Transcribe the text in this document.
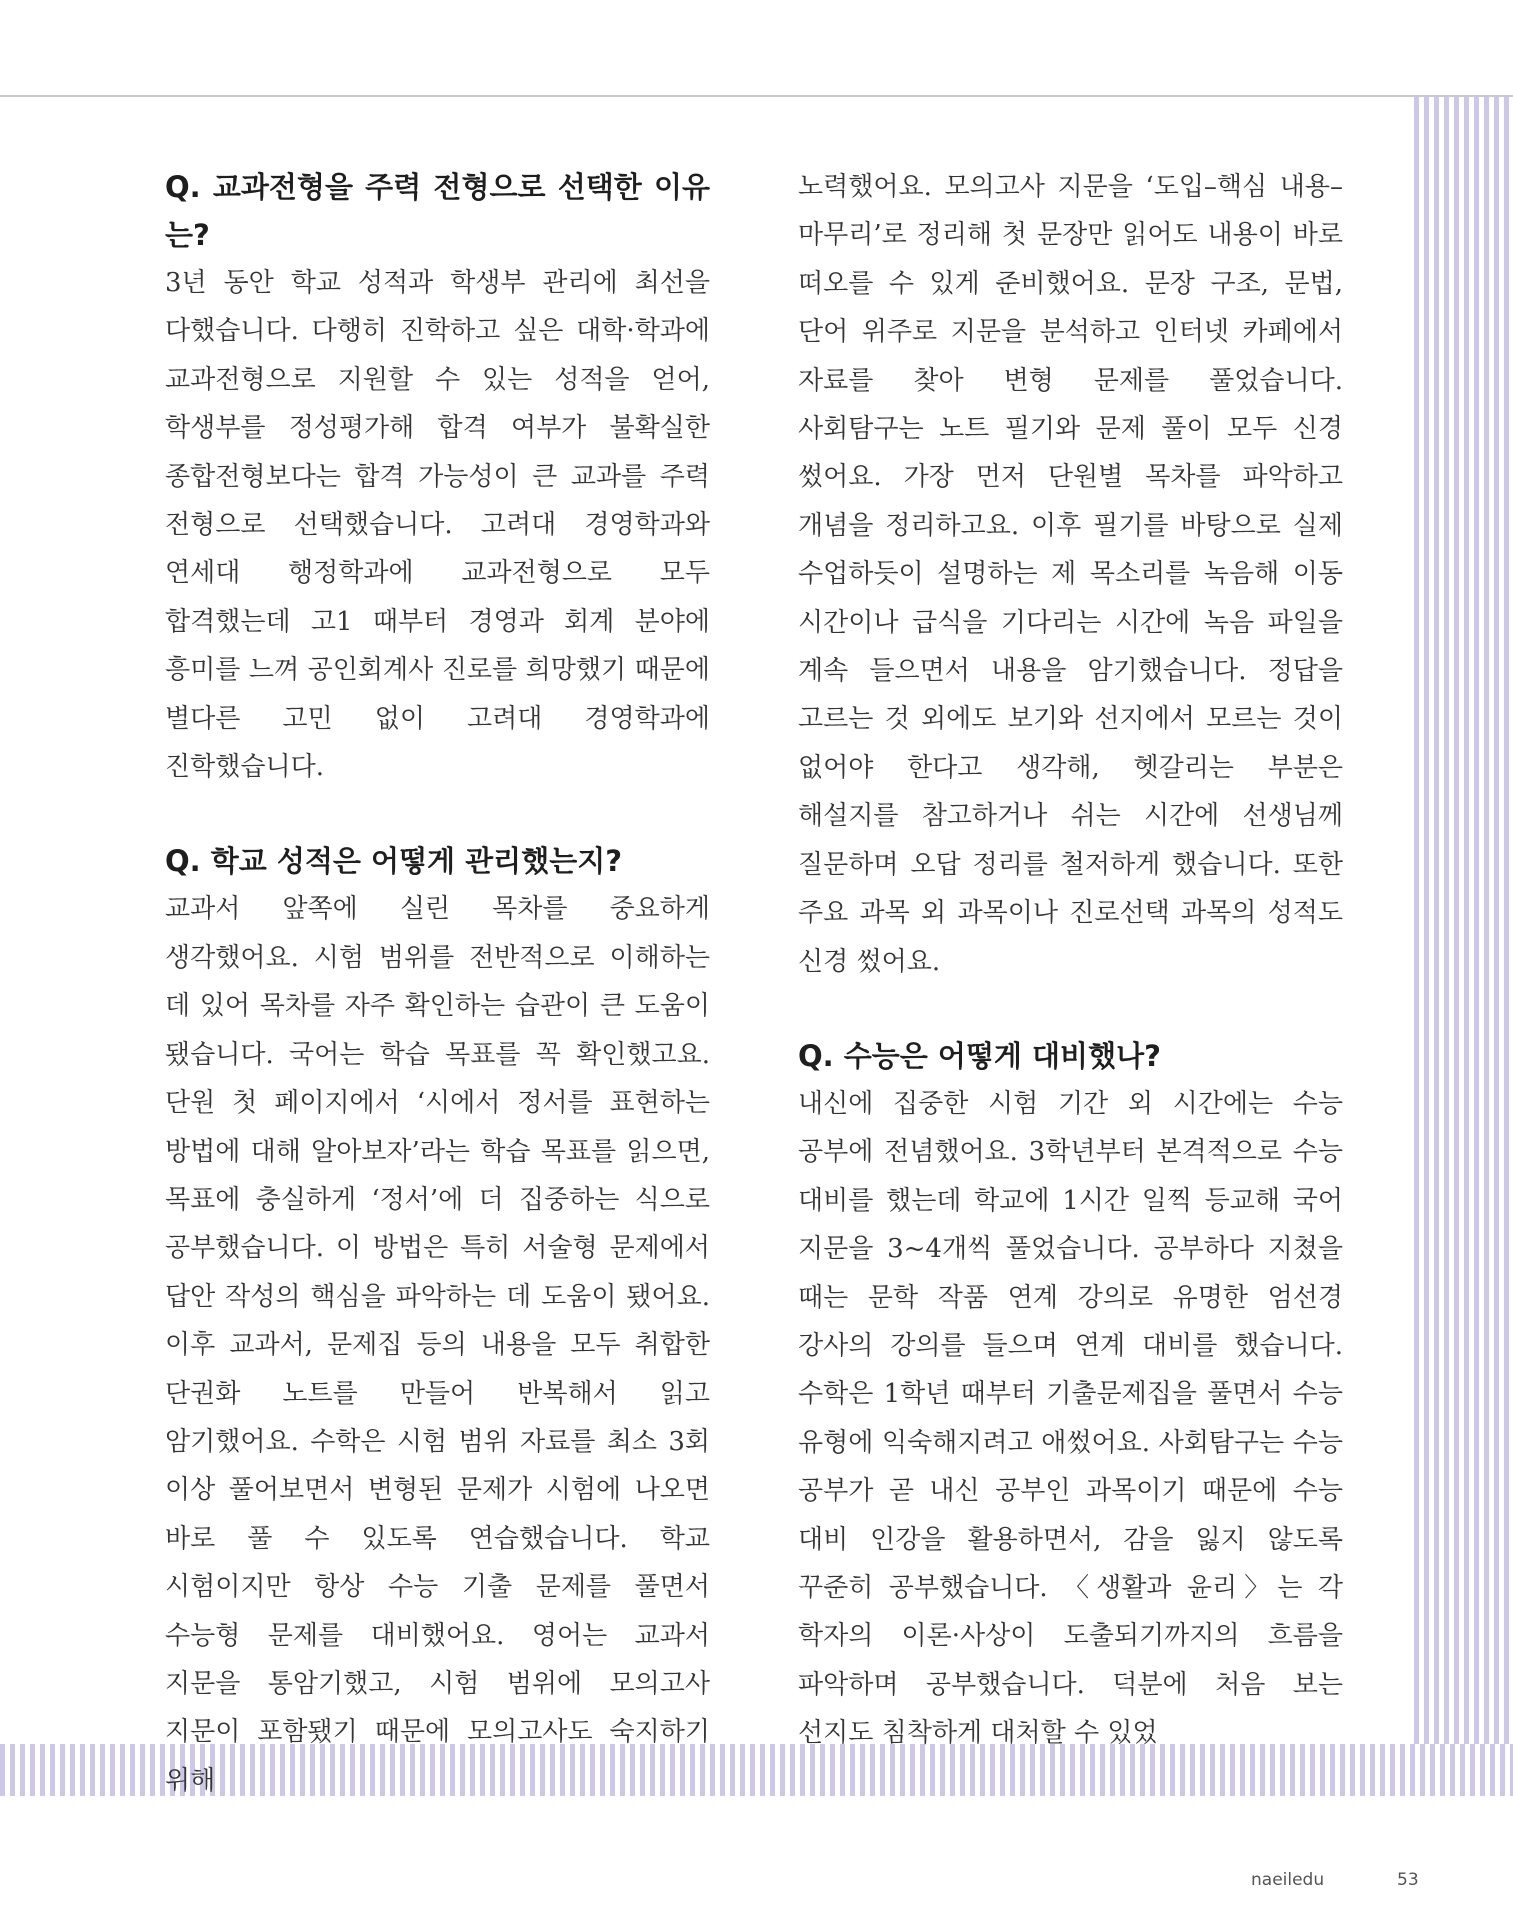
Q. 교과전형을 주력 전형으로 선택한 이유는?

3년 동안 학교 성적과 학생부 관리에 최선을 다했습니다. 다행히 진학하고 싶은 대학·학과에 교과전형으로 지원할 수 있는 성적을 얻어, 학생부를 정성평가해 합격 여부가 불확실한 종합전형보다는 합격 가능성이 큰 교과를 주력 전형으로 선택했습니다. 고려대 경영학과와 연세대 행정학과에 교과전형으로 모두 합격했는데 고1 때부터 경영과 회계 분야에 흥미를 느껴 공인회계사 진로를 희망했기 때문에 별다른 고민 없이 고려대 경영학과에 진학했습니다.

Q. 학교 성적은 어떻게 관리했는지?

교과서 앞쪽에 실린 목차를 중요하게 생각했어요. 시험 범위를 전반적으로 이해하는 데 있어 목차를 자주 확인하는 습관이 큰 도움이 됐습니다. 국어는 학습 목표를 꼭 확인했고요. 단원 첫 페이지에서 ‘시에서 정서를 표현하는 방법에 대해 알아보자’라는 학습 목표를 읽으면, 목표에 충실하게 ‘정서’에 더 집중하는 식으로 공부했습니다. 이 방법은 특히 서술형 문제에서 답안 작성의 핵심을 파악하는 데 도움이 됐어요. 이후 교과서, 문제집 등의 내용을 모두 취합한 단권화 노트를 만들어 반복해서 읽고 암기했어요. 수학은 시험 범위 자료를 최소 3회 이상 풀어보면서 변형된 문제가 시험에 나오면 바로 풀 수 있도록 연습했습니다. 학교 시험이지만 항상 수능 기출 문제를 풀면서 수능형 문제를 대비했어요. 영어는 교과서 지문을 통암기했고, 시험 범위에 모의고사 지문이 포함됐기 때문에 모의고사도 숙지하기 위해

노력했어요. 모의고사 지문을 ‘도입–핵심 내용–마무리’로 정리해 첫 문장만 읽어도 내용이 바로 떠오를 수 있게 준비했어요. 문장 구조, 문법, 단어 위주로 지문을 분석하고 인터넷 카페에서 자료를 찾아 변형 문제를 풀었습니다. 사회탐구는 노트 필기와 문제 풀이 모두 신경 썼어요. 가장 먼저 단원별 목차를 파악하고 개념을 정리하고요. 이후 필기를 바탕으로 실제 수업하듯이 설명하는 제 목소리를 녹음해 이동 시간이나 급식을 기다리는 시간에 녹음 파일을 계속 들으면서 내용을 암기했습니다. 정답을 고르는 것 외에도 보기와 선지에서 모르는 것이 없어야 한다고 생각해, 헷갈리는 부분은 해설지를 참고하거나 쉬는 시간에 선생님께 질문하며 오답 정리를 철저하게 했습니다. 또한 주요 과목 외 과목이나 진로선택 과목의 성적도 신경 썼어요.

Q. 수능은 어떻게 대비했나?

내신에 집중한 시험 기간 외 시간에는 수능 공부에 전념했어요. 3학년부터 본격적으로 수능 대비를 했는데 학교에 1시간 일찍 등교해 국어 지문을 3~4개씩 풀었습니다. 공부하다 지쳤을 때는 문학 작품 연계 강의로 유명한 엄선경 강사의 강의를 들으며 연계 대비를 했습니다. 수학은 1학년 때부터 기출문제집을 풀면서 수능 유형에 익숙해지려고 애썼어요. 사회탐구는 수능 공부가 곧 내신 공부인 과목이기 때문에 수능 대비 인강을 활용하면서, 감을 잃지 않도록 꾸준히 공부했습니다. 〈생활과 윤리〉는 각 학자의 이론·사상이 도출되기까지의 흐름을 파악하며 공부했습니다. 덕분에 처음 보는 선지도 침착하게 대처할 수 있었

naeiledu	53
